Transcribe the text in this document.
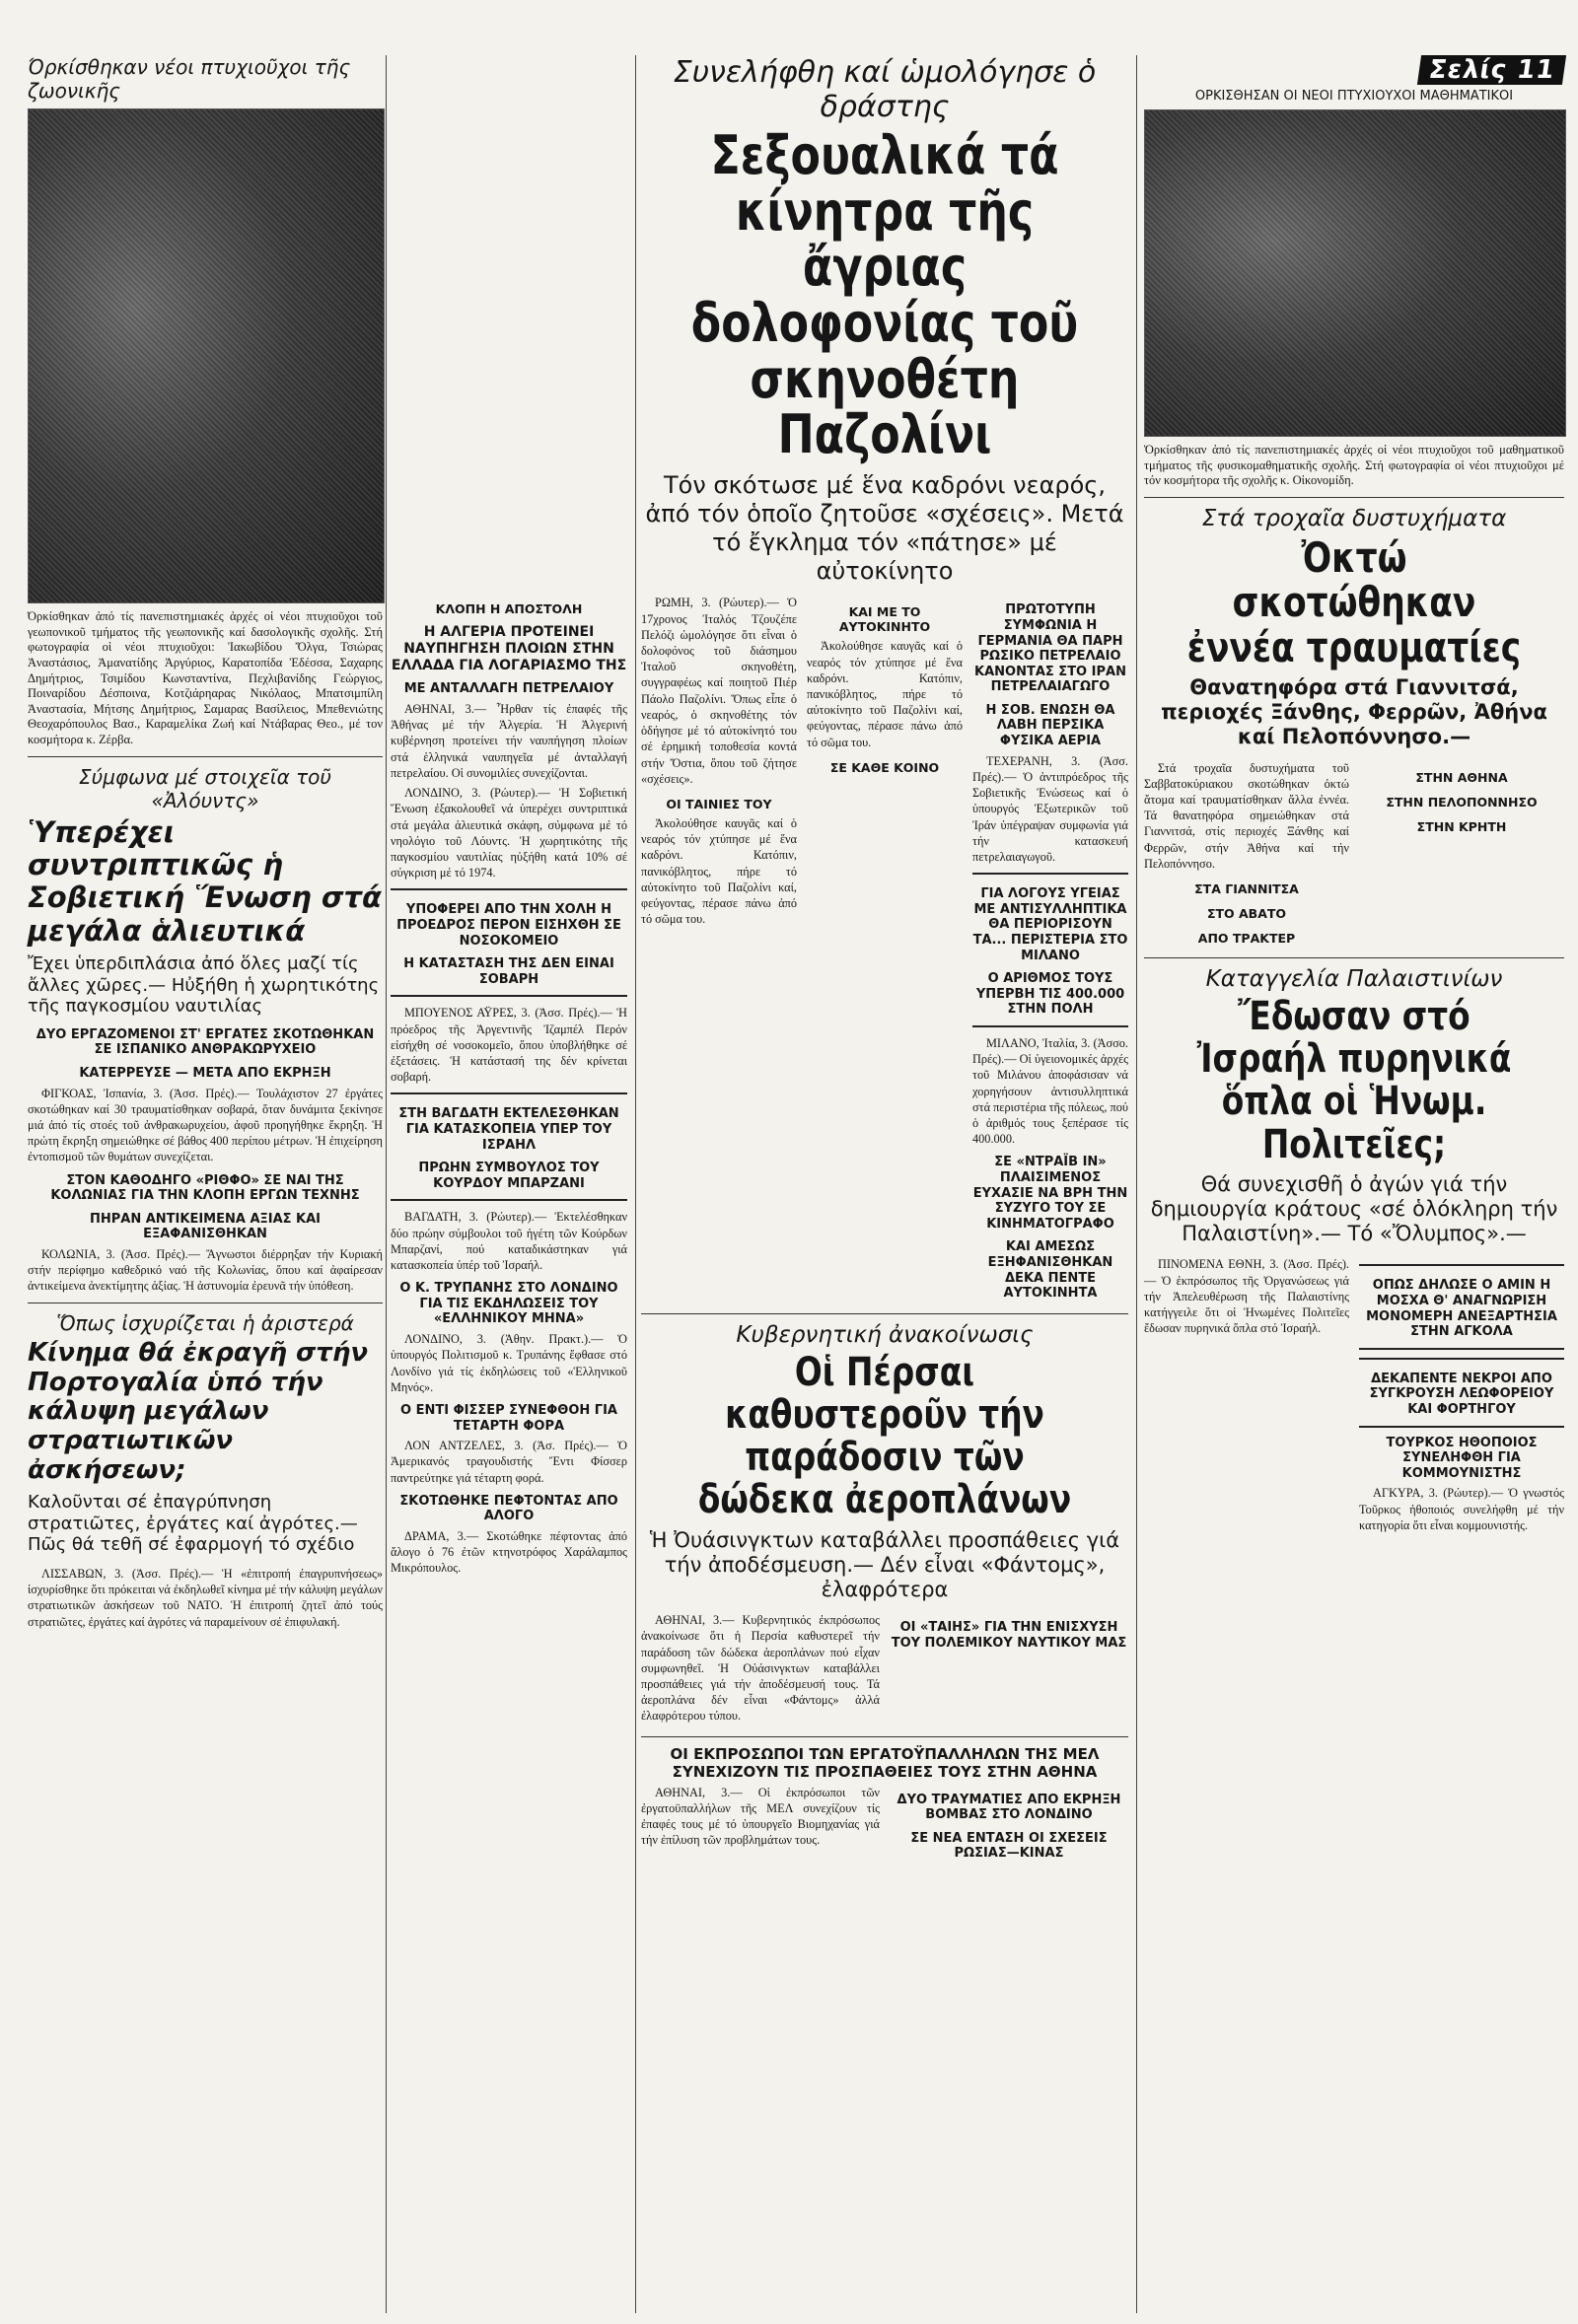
Όρκίσθηκαν νέοι πτυχιοῦχοι τῆς ζωονικῆς
Όρκίσθηκαν ἀπό τίς πανεπιστημιακές ἀρχές οἱ νέοι πτυχιοῦχοι τοῦ γεωπονικοῦ τμήματος τῆς γεωπονικῆς καί δασολογικῆς σχολῆς. Στή φωτογραφία οἱ νέοι πτυχιοῦχοι: Ἰακωβίδου Ὄλγα, Τσιώρας Ἀναστάσιος, Ἀμανατίδης Ἀργύριος, Καρατοπίδα Ἐδέσσα, Σαχαρης Δημήτριος, Τσιμίδου Κωνσταντίνα, Πεχλιβανίδης Γεώργιος, Ποιναρίδου Δέσποινα, Κοτζιάρηαρας Νικόλαος, Μπατσιμπίλη Ἀναστασία, Μήτσης Δημήτριος, Σαμαρας Βασίλειος, Μπεθενιώτης Θεοχαρόπουλος Βασ., Καραμελίκα Ζωή καί Ντάβαρας Θεο., μέ τον κοσμήτορα κ. Ζέρβα.
Σύμφωνα μέ στοιχεῖα τοῦ «Ἀλόυντς»
Ὑπερέχει συντριπτικῶς ἡ Σοβιετική Ἕνωση στά μεγάλα ἁλιευτικά
Ἔχει ὑπερδιπλάσια ἀπό ὅλες μαζί τίς ἄλλες χῶρες.— Ηὐξήθη ἡ χωρητικότης τῆς παγκοσμίου ναυτιλίας
ΔΥΟ ΕΡΓΑΖΟΜΕΝΟΙ ΣΤ' ΕΡΓΑΤΕΣ ΣΚΟΤΩΘΗΚΑΝ ΣΕ ΙΣΠΑΝΙΚΟ ΑΝΘΡΑΚΩΡΥΧΕΙΟ
ΚΑΤΕΡΡΕΥΣΕ — ΜΕΤΑ ΑΠΟ ΕΚΡΗΞΗ

ΦΙΓΚΟΑΣ, Ἰσπανία, 3. (Ἀσσ. Πρές).— Τουλάχιστον 27 ἐργάτες σκοτώθηκαν καί 30 τραυματίσθηκαν σοβαρά, ὅταν δυνάμιτα ξεκίνησε μιά ἀπό τίς στοές τοῦ ἀνθρακωρυχείου, ἀφοῦ προηγήθηκε ἔκρηξη. Ἡ πρώτη ἔκρηξη σημειώθηκε σέ βάθος 400 περίπου μέτρων. Ἡ ἐπιχείρηση ἐντοπισμοῦ τῶν θυμάτων συνεχίζεται.

ΣΤΟΝ ΚΑΘΟΔΗΓΟ «ΡΙΘΦΟ» ΣΕ ΝΑΙ ΤΗΣ ΚΟΛΩΝΙΑΣ ΓΙΑ ΤΗΝ ΚΛΟΠΗ ΕΡΓΩΝ ΤΕΧΝΗΣ
ΠΗΡΑΝ ΑΝΤΙΚΕΙΜΕΝΑ ΑΞΙΑΣ ΚΑΙ ΕΞΑΦΑΝΙΣΘΗΚΑΝ

ΚΟΛΩΝΙΑ, 3. (Ἀσσ. Πρές).— Ἄγνωστοι διέρρηξαν τήν Κυριακή στήν περίφημο καθεδρικό ναό τῆς Κολωνίας, ὅπου καί ἀφαίρεσαν ἀντικείμενα ἀνεκτίμητης ἀξίας. Ἡ ἀστυνομία ἐρευνᾶ τήν ὑπόθεση.

Ὅπως ἰσχυρίζεται ἡ ἀριστερά
Κίνημα θά ἐκραγῆ στήν Πορτογαλία ὑπό τήν κάλυψη μεγάλων στρατιωτικῶν ἀσκήσεων;
Καλοῦνται σέ ἐπαγρύπνηση στρατιῶτες, ἐργάτες καί ἀγρότες.— Πῶς θά τεθῆ σέ ἐφαρμογή τό σχέδιο

ΛΙΣΣΑΒΩΝ, 3. (Ἀσσ. Πρές).— Ἡ «ἐπιτροπή ἐπαγρυπνήσεως» ἰσχυρίσθηκε ὅτι πρόκειται νά ἐκδηλωθεῖ κίνημα μέ τήν κάλυψη μεγάλων στρατιωτικῶν ἀσκήσεων τοῦ ΝΑΤΟ. Ἡ ἐπιτροπή ζητεῖ ἀπό τούς στρατιῶτες, ἐργάτες καί ἀγρότες νά παραμείνουν σέ ἐπιφυλακή.

ΚΛΟΠΗ Η ΑΠΟΣΤΟΛΗ
Η ΑΛΓΕΡΙΑ ΠΡΟΤΕΙΝΕΙ ΝΑΥΠΗΓΗΣΗ ΠΛΟΙΩΝ ΣΤΗΝ ΕΛΛΑΔΑ ΓΙΑ ΛΟΓΑΡΙΑΣΜΟ ΤΗΣ
ΜΕ ΑΝΤΑΛΛΑΓΗ ΠΕΤΡΕΛΑΙΟΥ

ΑΘΗΝΑΙ, 3.— Ἦρθαν τίς ἐπαφές τῆς Ἀθήνας μέ τήν Ἀλγερία. Ἡ Ἀλγερινή κυβέρνηση προτείνει τήν ναυπήγηση πλοίων στά ἑλληνικά ναυπηγεῖα μέ ἀνταλλαγή πετρελαίου. Οἱ συνομιλίες συνεχίζονται.

ΛΟΝΔΙΝΟ, 3. (Ρώυτερ).— Ἡ Σοβιετική Ἕνωση ἐξακολουθεῖ νά ὑπερέχει συντριπτικά στά μεγάλα ἁλιευτικά σκάφη, σύμφωνα μέ τό νηολόγιο τοῦ Λόυντς. Ἡ χωρητικότης τῆς παγκοσμίου ναυτιλίας ηὐξήθη κατά 10% σέ σύγκριση μέ τό 1974.

ΥΠΟΦΕΡΕΙ ΑΠΟ ΤΗΝ ΧΟΛΗ Η ΠΡΟΕΔΡΟΣ ΠΕΡΟΝ ΕΙΣΗΧΘΗ ΣΕ ΝΟΣΟΚΟΜΕΙΟ
Η ΚΑΤΑΣΤΑΣΗ ΤΗΣ ΔΕΝ ΕΙΝΑΙ ΣΟΒΑΡΗ

ΜΠΟΥΕΝΟΣ ΑΫΡΕΣ, 3. (Ἀσσ. Πρές).— Ἡ πρόεδρος τῆς Ἀργεντινῆς Ἰζαμπέλ Περόν εἰσήχθη σέ νοσοκομεῖο, ὅπου ὑποβλήθηκε σέ ἐξετάσεις. Ἡ κατάστασή της δέν κρίνεται σοβαρή.

ΣΤΗ ΒΑΓΔΑΤΗ ΕΚΤΕΛΕΣΘΗΚΑΝ ΓΙΑ ΚΑΤΑΣΚΟΠΕΙΑ ΥΠΕΡ ΤΟΥ ΙΣΡΑΗΛ
ΠΡΩΗΝ ΣΥΜΒΟΥΛΟΣ ΤΟΥ ΚΟΥΡΔΟΥ ΜΠΑΡΖΑΝΙ

ΒΑΓΔΑΤΗ, 3. (Ρώυτερ).— Ἐκτελέσθηκαν δύο πρώην σύμβουλοι τοῦ ἡγέτη τῶν Κούρδων Μπαρζανί, πού καταδικάστηκαν γιά κατασκοπεία ὑπέρ τοῦ Ἰσραήλ.

Ο Κ. ΤΡΥΠΑΝΗΣ ΣΤΟ ΛΟΝΔΙΝΟ ΓΙΑ ΤΙΣ ΕΚΔΗΛΩΣΕΙΣ ΤΟΥ «ΕΛΛΗΝΙΚΟΥ ΜΗΝΑ»

ΛΟΝΔΙΝΟ, 3. (Ἀθην. Πρακτ.).— Ὁ ὑπουργός Πολιτισμοῦ κ. Τρυπάνης ἔφθασε στό Λονδίνο γιά τίς ἐκδηλώσεις τοῦ «Ἑλληνικοῦ Μηνός».

Ο ΕΝΤΙ ΦΙΣΣΕΡ ΣΥΝΕΦΘΟΗ ΓΙΑ ΤΕΤΑΡΤΗ ΦΟΡΑ

ΛΟΝ ΑΝΤΖΕΛΕΣ, 3. (Ἀσ. Πρές).— Ὁ Ἀμερικανός τραγουδιστής Ἔντι Φίσσερ παντρεύτηκε γιά τέταρτη φορά.

ΣΚΟΤΩΘΗΚΕ ΠΕΦΤΟΝΤΑΣ ΑΠΟ ΑΛΟΓΟ

ΔΡΑΜΑ, 3.— Σκοτώθηκε πέφτοντας ἀπό ἄλογο ὁ 76 ἐτῶν κτηνοτρόφος Χαράλαμπος Μικρόπουλος.

Συνελήφθη καί ὡμολόγησε ὁ δράστης
Σεξουαλικά τά κίνητρα τῆς ἄγριας δολοφονίας τοῦ σκηνοθέτη Παζολίνι
Τόν σκότωσε μέ ἕνα καδρόνι νεαρός, ἀπό τόν ὁποῖο ζητοῦσε «σχέσεις». Μετά τό ἔγκλημα τόν «πάτησε» μέ αὐτοκίνητο

ΡΩΜΗ, 3. (Ρώυτερ).— Ὁ 17χρονος Ἰταλός Τζουζέπε Πελόζι ὡμολόγησε ὅτι εἶναι ὁ δολοφόνος τοῦ διάσημου Ἰταλοῦ σκηνοθέτη, συγγραφέως καί ποιητοῦ Πιέρ Πάολο Παζολίνι. Ὅπως εἶπε ὁ νεαρός, ὁ σκηνοθέτης τόν ὁδήγησε μέ τό αὐτοκίνητό του σέ ἐρημική τοποθεσία κοντά στήν Ὄστια, ὅπου τοῦ ζήτησε «σχέσεις».

ΟΙ ΤΑΙΝΙΕΣ ΤΟΥ

Ἀκολούθησε καυγᾶς καί ὁ νεαρός τόν χτύπησε μέ ἕνα καδρόνι. Κατόπιν, πανικόβλητος, πήρε τό αὐτοκίνητο τοῦ Παζολίνι καί, φεύγοντας, πέρασε πάνω ἀπό τό σῶμα του.

ΚΑΙ ΜΕ ΤΟ ΑΥΤΟΚΙΝΗΤΟ

Ἀκολούθησε καυγᾶς καί ὁ νεαρός τόν χτύπησε μέ ἕνα καδρόνι. Κατόπιν, πανικόβλητος, πήρε τό αὐτοκίνητο τοῦ Παζολίνι καί, φεύγοντας, πέρασε πάνω ἀπό τό σῶμα του.

ΣΕ ΚΑΘΕ ΚΟΙΝΟ
ΠΡΩΤΟΤΥΠΗ ΣΥΜΦΩΝΙΑ Η ΓΕΡΜΑΝΙΑ ΘΑ ΠΑΡΗ ΡΩΣΙΚΟ ΠΕΤΡΕΛΑΙΟ ΚΑΝΟΝΤΑΣ ΣΤΟ ΙΡΑΝ ΠΕΤΡΕΛΑΙΑΓΩΓΟ
Η ΣΟΒ. ΕΝΩΣΗ ΘΑ ΛΑΒΗ ΠΕΡΣΙΚΑ ΦΥΣΙΚΑ ΑΕΡΙΑ

ΤΕΧΕΡΑΝΗ, 3. (Ἀσσ. Πρές).— Ὁ ἀντιπρόεδρος τῆς Σοβιετικῆς Ἑνώσεως καί ὁ ὑπουργός Ἐξωτερικῶν τοῦ Ἰράν ὑπέγραψαν συμφωνία γιά τήν κατασκευή πετρελαιαγωγοῦ.

ΓΙΑ ΛΟΓΟΥΣ ΥΓΕΙΑΣ ΜΕ ΑΝΤΙΣΥΛΛΗΠΤΙΚΑ ΘΑ ΠΕΡΙΟΡΙΣΟΥΝ ΤΑ... ΠΕΡΙΣΤΕΡΙΑ ΣΤΟ ΜΙΛΑΝΟ
Ο ΑΡΙΘΜΟΣ ΤΟΥΣ ΥΠΕΡΒΗ ΤΙΣ 400.000 ΣΤΗΝ ΠΟΛΗ

ΜΙΛΑΝΟ, Ἰταλία, 3. (Ἀσσο. Πρές).— Οἱ ὑγειονομικές ἀρχές τοῦ Μιλάνου ἀποφάσισαν νά χορηγήσουν ἀντισυλληπτικά στά περιστέρια τῆς πόλεως, πού ὁ ἀριθμός τους ξεπέρασε τίς 400.000.

ΣΕ «ΝΤΡΑΪΒ ΙΝ» ΠΛΑΙΣΙΜΕΝΟΣ ΕΥΧΑΣΙΕ ΝΑ ΒΡΗ ΤΗΝ ΣΥΖΥΓΟ ΤΟΥ ΣΕ ΚΙΝΗΜΑΤΟΓΡΑΦΟ
ΚΑΙ ΑΜΕΣΩΣ ΕΞΗΦΑΝΙΣΘΗΚΑΝ ΔΕΚΑ ΠΕΝΤΕ ΑΥΤΟΚΙΝΗΤΑ
Κυβερνητική ἀνακοίνωσις
Οἱ Πέρσαι καθυστεροῦν τήν παράδοσιν τῶν δώδεκα ἀεροπλάνων
Ἡ Ὀυάσινγκτων καταβάλλει προσπάθειες γιά τήν ἀποδέσμευση.— Δέν εἶναι «Φάντομς», ἐλαφρότερα

ΑΘΗΝΑΙ, 3.— Κυβερνητικός ἐκπρόσωπος ἀνακοίνωσε ὅτι ἡ Περσία καθυστερεῖ τήν παράδοση τῶν δώδεκα ἀεροπλάνων πού εἶχαν συμφωνηθεῖ. Ἡ Οὐάσινγκτων καταβάλλει προσπάθειες γιά τήν ἀποδέσμευσή τους. Τά ἀεροπλάνα δέν εἶναι «Φάντομς» ἀλλά ἐλαφρότερου τύπου.

ΟΙ «ΤΑΙΗΣ» ΓΙΑ ΤΗΝ ΕΝΙΣΧΥΣΗ ΤΟΥ ΠΟΛΕΜΙΚΟΥ ΝΑΥΤΙΚΟΥ ΜΑΣ
ΟΙ ΕΚΠΡΟΣΩΠΟΙ ΤΩΝ ΕΡΓΑΤΟΫΠΑΛΛΗΛΩΝ ΤΗΣ ΜΕΛ ΣΥΝΕΧΙΖΟΥΝ ΤΙΣ ΠΡΟΣΠΑΘΕΙΕΣ ΤΟΥΣ ΣΤΗΝ ΑΘΗΝΑ

ΑΘΗΝΑΙ, 3.— Οἱ ἐκπρόσωποι τῶν ἐργατοϋπαλλήλων τῆς ΜΕΛ συνεχίζουν τίς ἐπαφές τους μέ τό ὑπουργεῖο Βιομηχανίας γιά τήν ἐπίλυση τῶν προβλημάτων τους.

ΔΥΟ ΤΡΑΥΜΑΤΙΕΣ ΑΠΟ ΕΚΡΗΞΗ ΒΟΜΒΑΣ ΣΤΟ ΛΟΝΔΙΝΟ
ΣΕ ΝΕΑ ΕΝΤΑΣΗ ΟΙ ΣΧΕΣΕΙΣ ΡΩΣΙΑΣ—ΚΙΝΑΣ
Σελίς 11
ΟΡΚΙΣΘΗΣΑΝ ΟΙ ΝΕΟΙ ΠΤΥΧΙΟΥΧΟΙ ΜΑΘΗΜΑΤΙΚΟΙ
Ὁρκίσθηκαν ἀπό τίς πανεπιστημιακές ἀρχές οἱ νέοι πτυχιοῦχοι τοῦ μαθηματικοῦ τμήματος τῆς φυσικομαθηματικῆς σχολῆς. Στή φωτογραφία οἱ νέοι πτυχιοῦχοι μέ τόν κοσμήτορα τῆς σχολῆς κ. Οἰκονομίδη.
Στά τροχαῖα δυστυχήματα
Ὀκτώ σκοτώθηκαν ἐννέα τραυματίες
Θανατηφόρα στά Γιαννιτσά, περιοχές Ξάνθης, Φερρῶν, Ἀθήνα καί Πελοπόννησο.—

Στά τροχαῖα δυστυχήματα τοῦ Σαββατοκύριακου σκοτώθηκαν ὀκτώ ἄτομα καί τραυματίσθηκαν ἄλλα ἐννέα. Τά θανατηφόρα σημειώθηκαν στά Γιαννιτσά, στίς περιοχές Ξάνθης καί Φερρῶν, στήν Ἀθήνα καί τήν Πελοπόννησο.

ΣΤΑ ΓΙΑΝΝΙΤΣΑ
ΣΤΟ ΑΒΑΤΟ
ΑΠΟ ΤΡΑΚΤΕΡ
ΣΤΗΝ ΑΘΗΝΑ
ΣΤΗΝ ΠΕΛΟΠΟΝΝΗΣΟ
ΣΤΗΝ ΚΡΗΤΗ
Καταγγελία Παλαιστινίων
Ἔδωσαν στό Ἰσραήλ πυρηνικά ὅπλα οἱ Ἡνωμ. Πολιτεῖες;
Θά συνεχισθῆ ὁ ἀγών γιά τήν δημιουργία κράτους «σέ ὁλόκληρη τήν Παλαιστίνη».— Τό «Ὄλυμπος».—

ΠΙΝΟΜΕΝΑ ΕΘΝΗ, 3. (Ἀσσ. Πρές).— Ὁ ἐκπρόσωπος τῆς Ὀργανώσεως γιά τήν Ἀπελευθέρωση τῆς Παλαιστίνης κατήγγειλε ὅτι οἱ Ἡνωμένες Πολιτεῖες ἔδωσαν πυρηνικά ὅπλα στό Ἰσραήλ.

ΟΠΩΣ ΔΗΛΩΣΕ Ο ΑΜΙΝ Η ΜΟΣΧΑ Θ' ΑΝΑΓΝΩΡΙΣΗ ΜΟΝΟΜΕΡΗ ΑΝΕΞΑΡΤΗΣΙΑ ΣΤΗΝ ΑΓΚΟΛΑ
ΔΕΚΑΠΕΝΤΕ ΝΕΚΡΟΙ ΑΠΟ ΣΥΓΚΡΟΥΣΗ ΛΕΩΦΟΡΕΙΟΥ ΚΑΙ ΦΟΡΤΗΓΟΥ
ΤΟΥΡΚΟΣ ΗΘΟΠΟΙΟΣ ΣΥΝΕΛΗΦΘΗ ΓΙΑ ΚΟΜΜΟΥΝΙΣΤΗΣ

ΑΓΚΥΡΑ, 3. (Ρώυτερ).— Ὁ γνωστός Τοῦρκος ἠθοποιός συνελήφθη μέ τήν κατηγορία ὅτι εἶναι κομμουνιστής.
